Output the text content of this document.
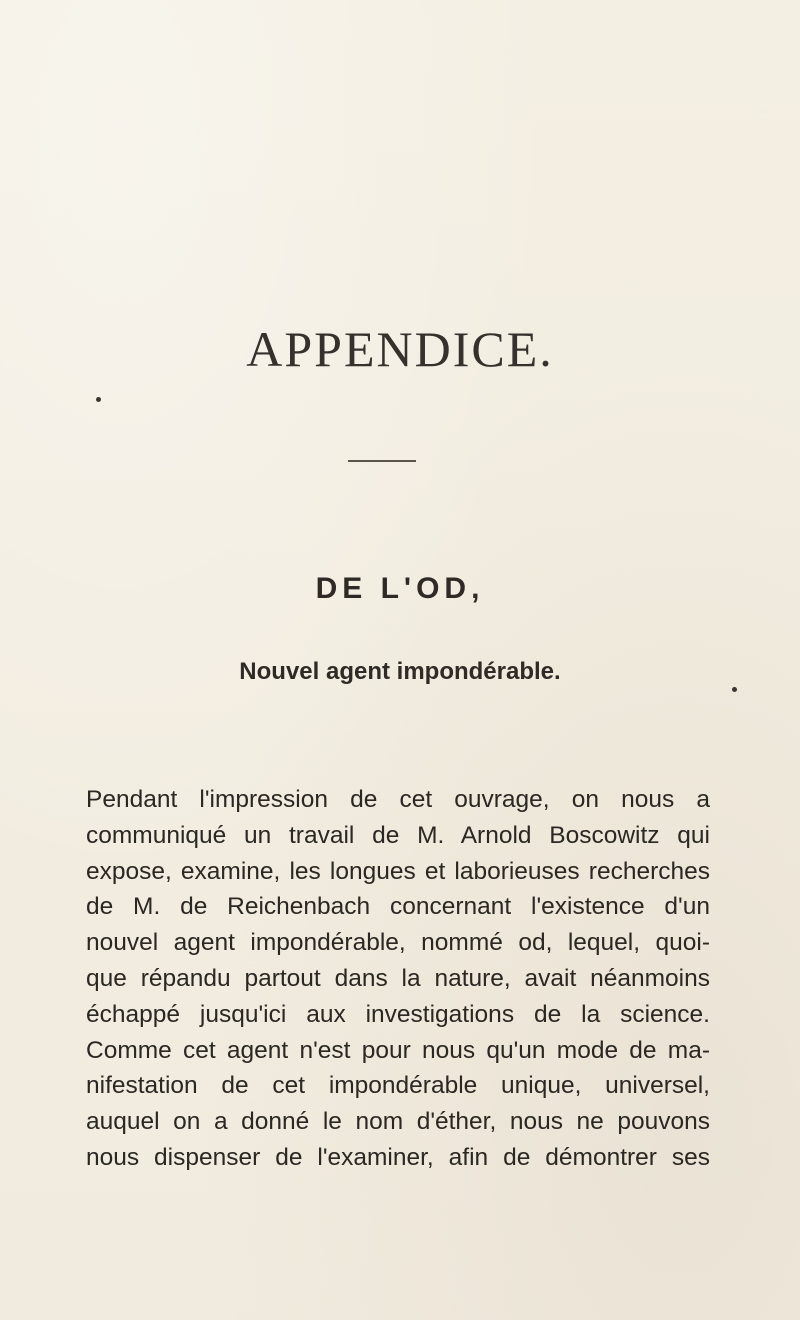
APPENDICE.
DE L'OD,
Nouvel agent impondérable.

Pendant l'impression de cet ouvrage, on nous a
communiqué un travail de M. Arnold Boscowitz qui
expose, examine, les longues et laborieuses recherches
de M. de Reichenbach concernant l'existence d'un
nouvel agent impondérable, nommé od, lequel, quoi-
que répandu partout dans la nature, avait néanmoins
échappé jusqu'ici aux investigations de la science.
Comme cet agent n'est pour nous qu'un mode de ma-
nifestation de cet impondérable unique, universel,
auquel on a donné le nom d'éther, nous ne pouvons
nous dispenser de l'examiner, afin de démontrer ses
